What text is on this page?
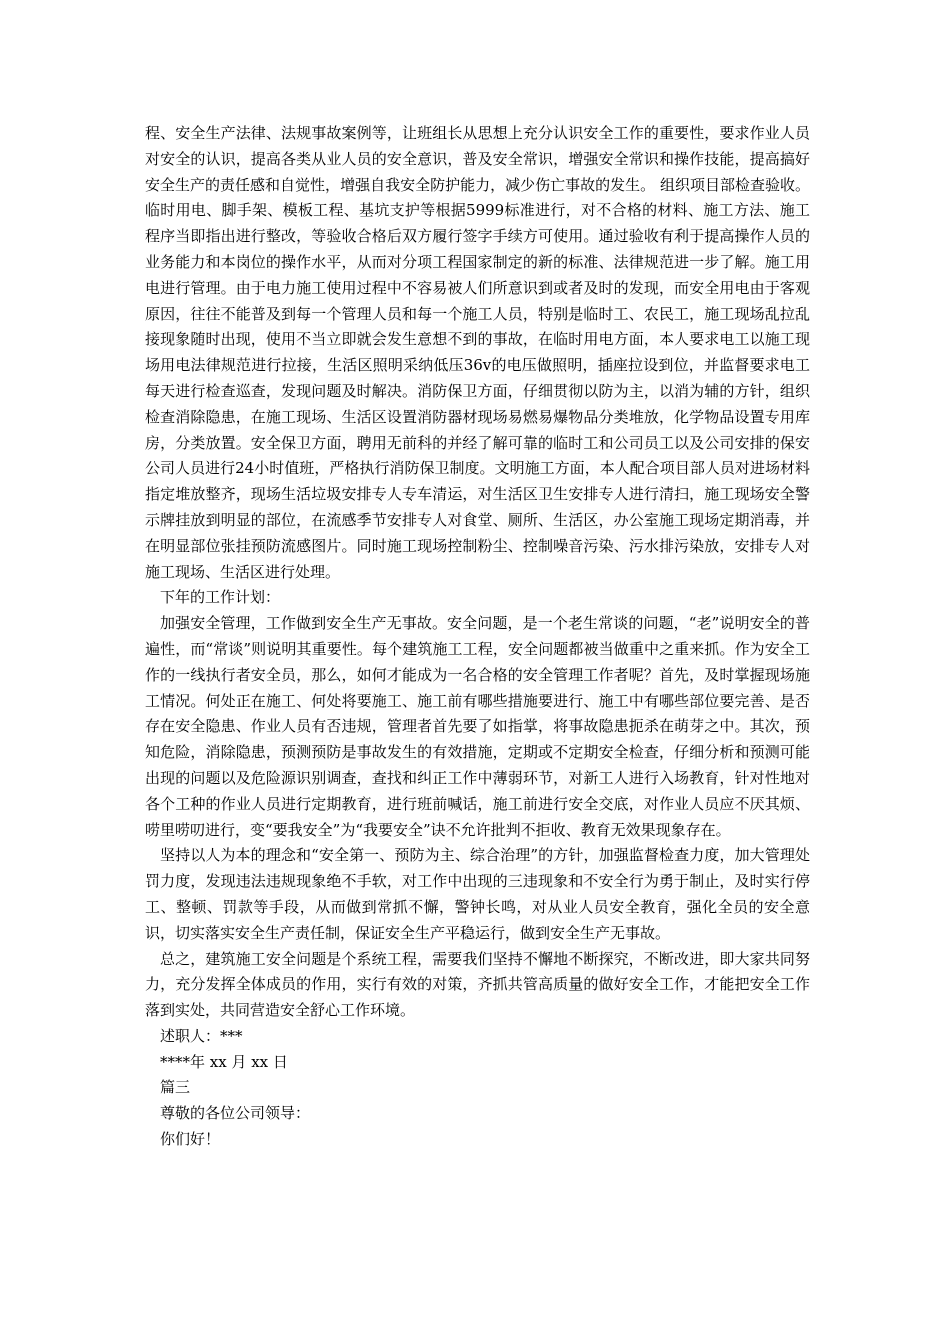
程、安全生产法律、法规事故案例等，让班组长从思想上充分认识安全工作的重要性，要求作业人员对安全的认识，提高各类从业人员的安全意识，普及安全常识，增强安全常识和操作技能，提高搞好安全生产的责任感和自觉性，增强自我安全防护能力，减少伤亡事故的发生。 组织项目部检查验收。临时用电、脚手架、模板工程、基坑支护等根据5999标准进行，对不合格的材料、施工方法、施工程序当即指出进行整改，等验收合格后双方履行签字手续方可使用。通过验收有利于提高操作人员的业务能力和本岗位的操作水平，从而对分项工程国家制定的新的标准、法律规范进一步了解。施工用电进行管理。由于电力施工使用过程中不容易被人们所意识到或者及时的发现，而安全用电由于客观原因，往往不能普及到每一个管理人员和每一个施工人员，特别是临时工、农民工，施工现场乱拉乱接现象随时出现，使用不当立即就会发生意想不到的事故，在临时用电方面，本人要求电工以施工现场用电法律规范进行拉接，生活区照明采纳低压36v的电压做照明，插座拉设到位，并监督要求电工每天进行检查巡查，发现问题及时解决。消防保卫方面，仔细贯彻以防为主，以消为辅的方针，组织检查消除隐患，在施工现场、生活区设置消防器材现场易燃易爆物品分类堆放，化学物品设置专用库房，分类放置。安全保卫方面，聘用无前科的并经了解可靠的临时工和公司员工以及公司安排的保安公司人员进行24小时值班，严格执行消防保卫制度。文明施工方面，本人配合项目部人员对进场材料指定堆放整齐，现场生活垃圾安排专人专车清运，对生活区卫生安排专人进行清扫，施工现场安全警示牌挂放到明显的部位，在流感季节安排专人对食堂、厕所、生活区，办公室施工现场定期消毒，并在明显部位张挂预防流感图片。同时施工现场控制粉尘、控制噪音污染、污水排污染放，安排专人对施工现场、生活区进行处理。

下年的工作计划：

加强安全管理，工作做到安全生产无事故。安全问题，是一个老生常谈的问题，“老”说明安全的普遍性，而“常谈”则说明其重要性。每个建筑施工工程，安全问题都被当做重中之重来抓。作为安全工作的一线执行者安全员，那么，如何才能成为一名合格的安全管理工作者呢？首先，及时掌握现场施工情况。何处正在施工、何处将要施工、施工前有哪些措施要进行、施工中有哪些部位要完善、是否存在安全隐患、作业人员有否违规，管理者首先要了如指掌，将事故隐患扼杀在萌芽之中。其次，预知危险，消除隐患，预测预防是事故发生的有效措施，定期或不定期安全检查，仔细分析和预测可能出现的问题以及危险源识别调查，查找和纠正工作中薄弱环节，对新工人进行入场教育，针对性地对各个工种的作业人员进行定期教育，进行班前喊话，施工前进行安全交底，对作业人员应不厌其烦、唠里唠叨进行，变“要我安全”为“我要安全”诀不允许批判不拒收、教育无效果现象存在。

坚持以人为本的理念和“安全第一、预防为主、综合治理”的方针，加强监督检查力度，加大管理处罚力度，发现违法违规现象绝不手软，对工作中出现的三违现象和不安全行为勇于制止，及时实行停工、整顿、罚款等手段，从而做到常抓不懈，警钟长鸣，对从业人员安全教育，强化全员的安全意识，切实落实安全生产责任制，保证安全生产平稳运行，做到安全生产无事故。

总之，建筑施工安全问题是个系统工程，需要我们坚持不懈地不断探究，不断改进，即大家共同努力，充分发挥全体成员的作用，实行有效的对策，齐抓共管高质量的做好安全工作，才能把安全工作落到实处，共同营造安全舒心工作环境。

述职人：***

****年 xx 月 xx 日

篇三

尊敬的各位公司领导：

你们好！
